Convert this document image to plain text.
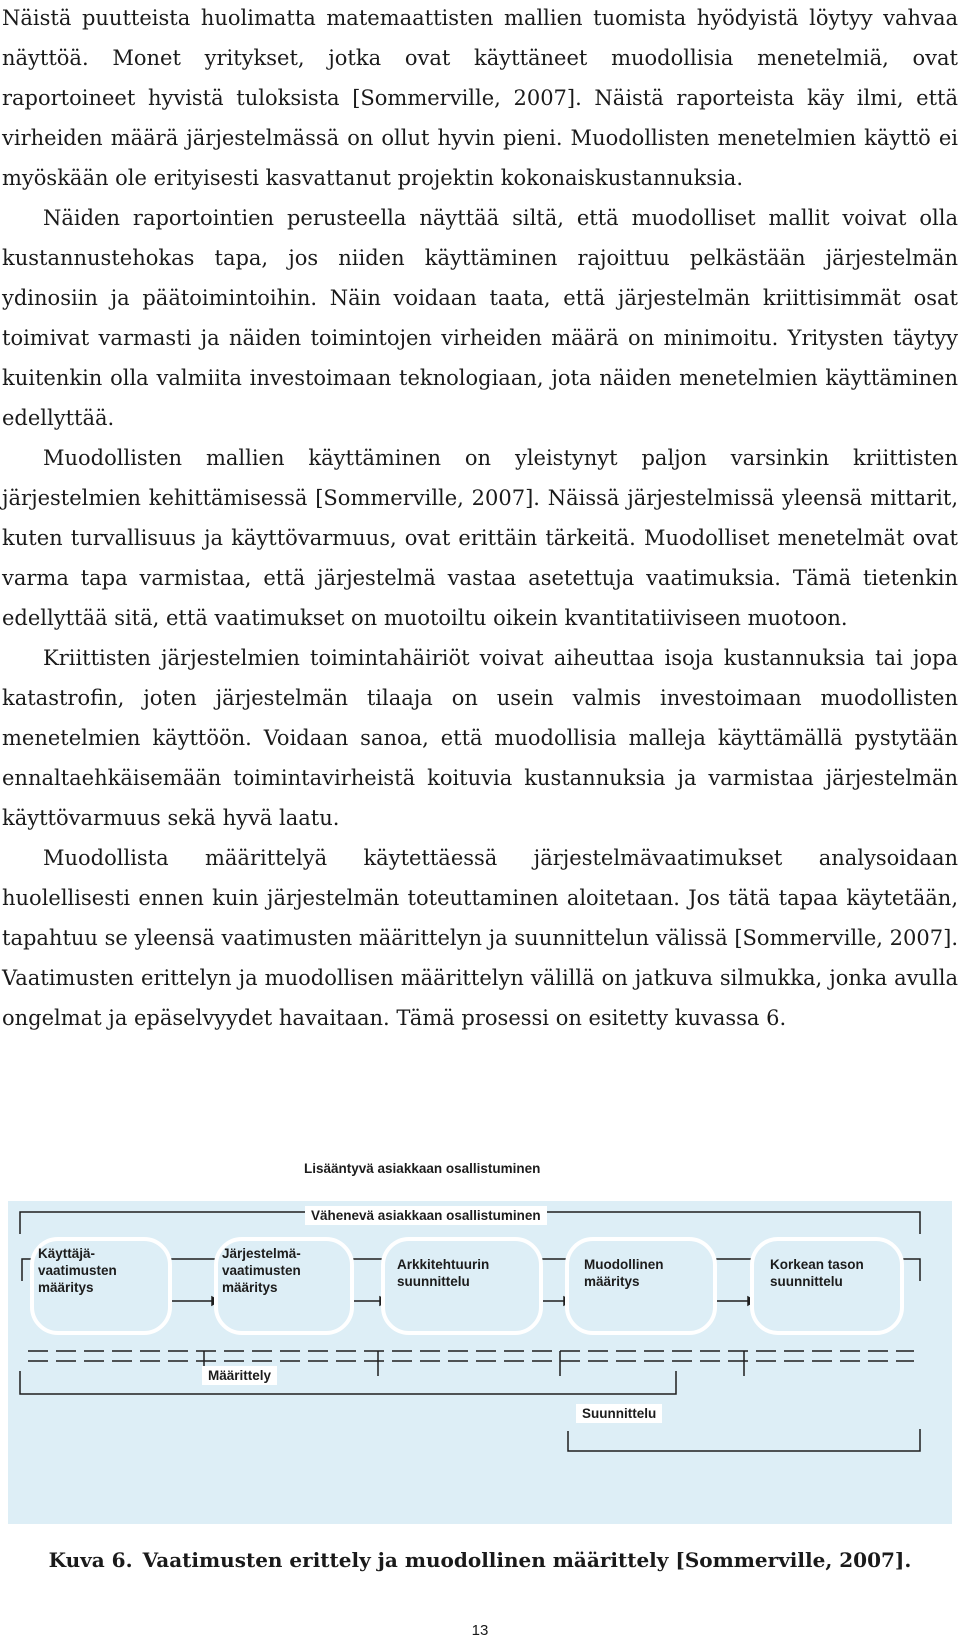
Näistä puutteista huolimatta matemaattisten mallien tuomista hyödyistä löytyy vahvaa näyttöä. Monet yritykset, jotka ovat käyttäneet muodollisia menetelmiä, ovat raportoineet hyvistä tuloksista [Sommerville, 2007]. Näistä raporteista käy ilmi, että virheiden määrä järjestelmässä on ollut hyvin pieni. Muodollisten menetelmien käyttö ei myöskään ole erityisesti kasvattanut projektin kokonaiskustannuksia.

Näiden raportointien perusteella näyttää siltä, että muodolliset mallit voivat olla kustannustehokas tapa, jos niiden käyttäminen rajoittuu pelkästään järjestelmän ydinosiin ja päätoimintoihin. Näin voidaan taata, että järjestelmän kriittisimmät osat toimivat varmasti ja näiden toimintojen virheiden määrä on minimoitu. Yritysten täytyy kuitenkin olla valmiita investoimaan teknologiaan, jota näiden menetelmien käyttäminen edellyttää.

Muodollisten mallien käyttäminen on yleistynyt paljon varsinkin kriittisten järjestelmien kehittämisessä [Sommerville, 2007]. Näissä järjestelmissä yleensä mittarit, kuten turvallisuus ja käyttövarmuus, ovat erittäin tärkeitä. Muodolliset menetelmät ovat varma tapa varmistaa, että järjestelmä vastaa asetettuja vaatimuksia. Tämä tietenkin edellyttää sitä, että vaatimukset on muotoiltu oikein kvantitatiiviseen muotoon.

Kriittisten järjestelmien toimintahäiriöt voivat aiheuttaa isoja kustannuksia tai jopa katastrofin, joten järjestelmän tilaaja on usein valmis investoimaan muodollisten menetelmien käyttöön. Voidaan sanoa, että muodollisia malleja käyttämällä pystytään ennaltaehkäisemään toimintavirheistä koituvia kustannuksia ja varmistaa järjestelmän käyttövarmuus sekä hyvä laatu.

Muodollista määrittelyä käytettäessä järjestelmävaatimukset analysoidaan huolellisesti ennen kuin järjestelmän toteuttaminen aloitetaan. Jos tätä tapaa käytetään, tapahtuu se yleensä vaatimusten määrittelyn ja suunnittelun välissä [Sommerville, 2007]. Vaatimusten erittelyn ja muodollisen määrittelyn välillä on jatkuva silmukka, jonka avulla ongelmat ja epäselvyydet havaitaan. Tämä prosessi on esitetty kuvassa 6.

Lisääntyvä asiakkaan osallistuminen
Vähenevä asiakkaan osallistuminen
Käyttäjä-
vaatimusten
määritys
Järjestelmä-
vaatimusten
määritys
Arkkitehtuurin
suunnittelu
Muodollinen
määritys
Korkean tason
suunnittelu
Määrittely
Suunnittelu
Kuva 6. Vaatimusten erittely ja muodollinen määrittely [Sommerville, 2007].
13
